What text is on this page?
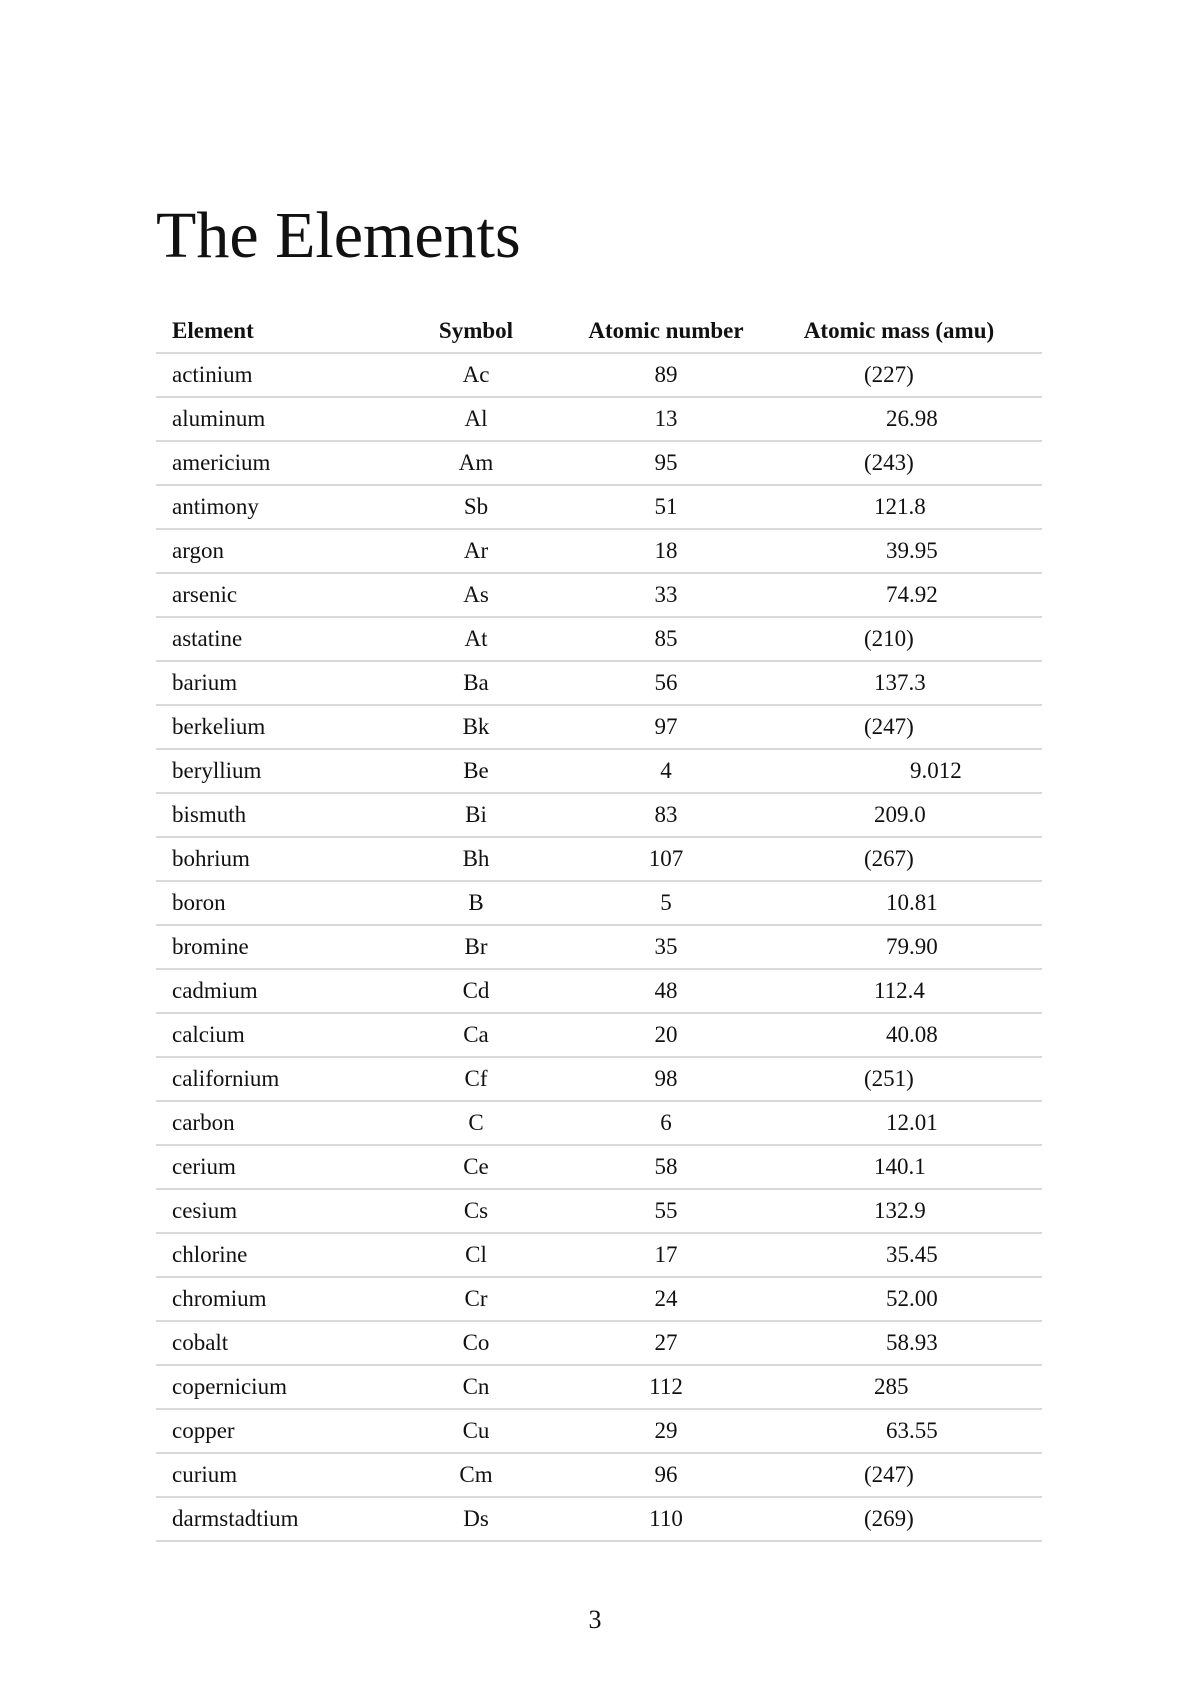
The Elements
Element	Symbol	Atomic number	Atomic mass (amu)
actinium	Ac	89	(227)
aluminum	Al	13	26.98
americium	Am	95	(243)
antimony	Sb	51	121.8
argon	Ar	18	39.95
arsenic	As	33	74.92
astatine	At	85	(210)
barium	Ba	56	137.3
berkelium	Bk	97	(247)
beryllium	Be	4	9.012
bismuth	Bi	83	209.0
bohrium	Bh	107	(267)
boron	B	5	10.81
bromine	Br	35	79.90
cadmium	Cd	48	112.4
calcium	Ca	20	40.08
californium	Cf	98	(251)
carbon	C	6	12.01
cerium	Ce	58	140.1
cesium	Cs	55	132.9
chlorine	Cl	17	35.45
chromium	Cr	24	52.00
cobalt	Co	27	58.93
copernicium	Cn	112	285
copper	Cu	29	63.55
curium	Cm	96	(247)
darmstadtium	Ds	110	(269)
3
